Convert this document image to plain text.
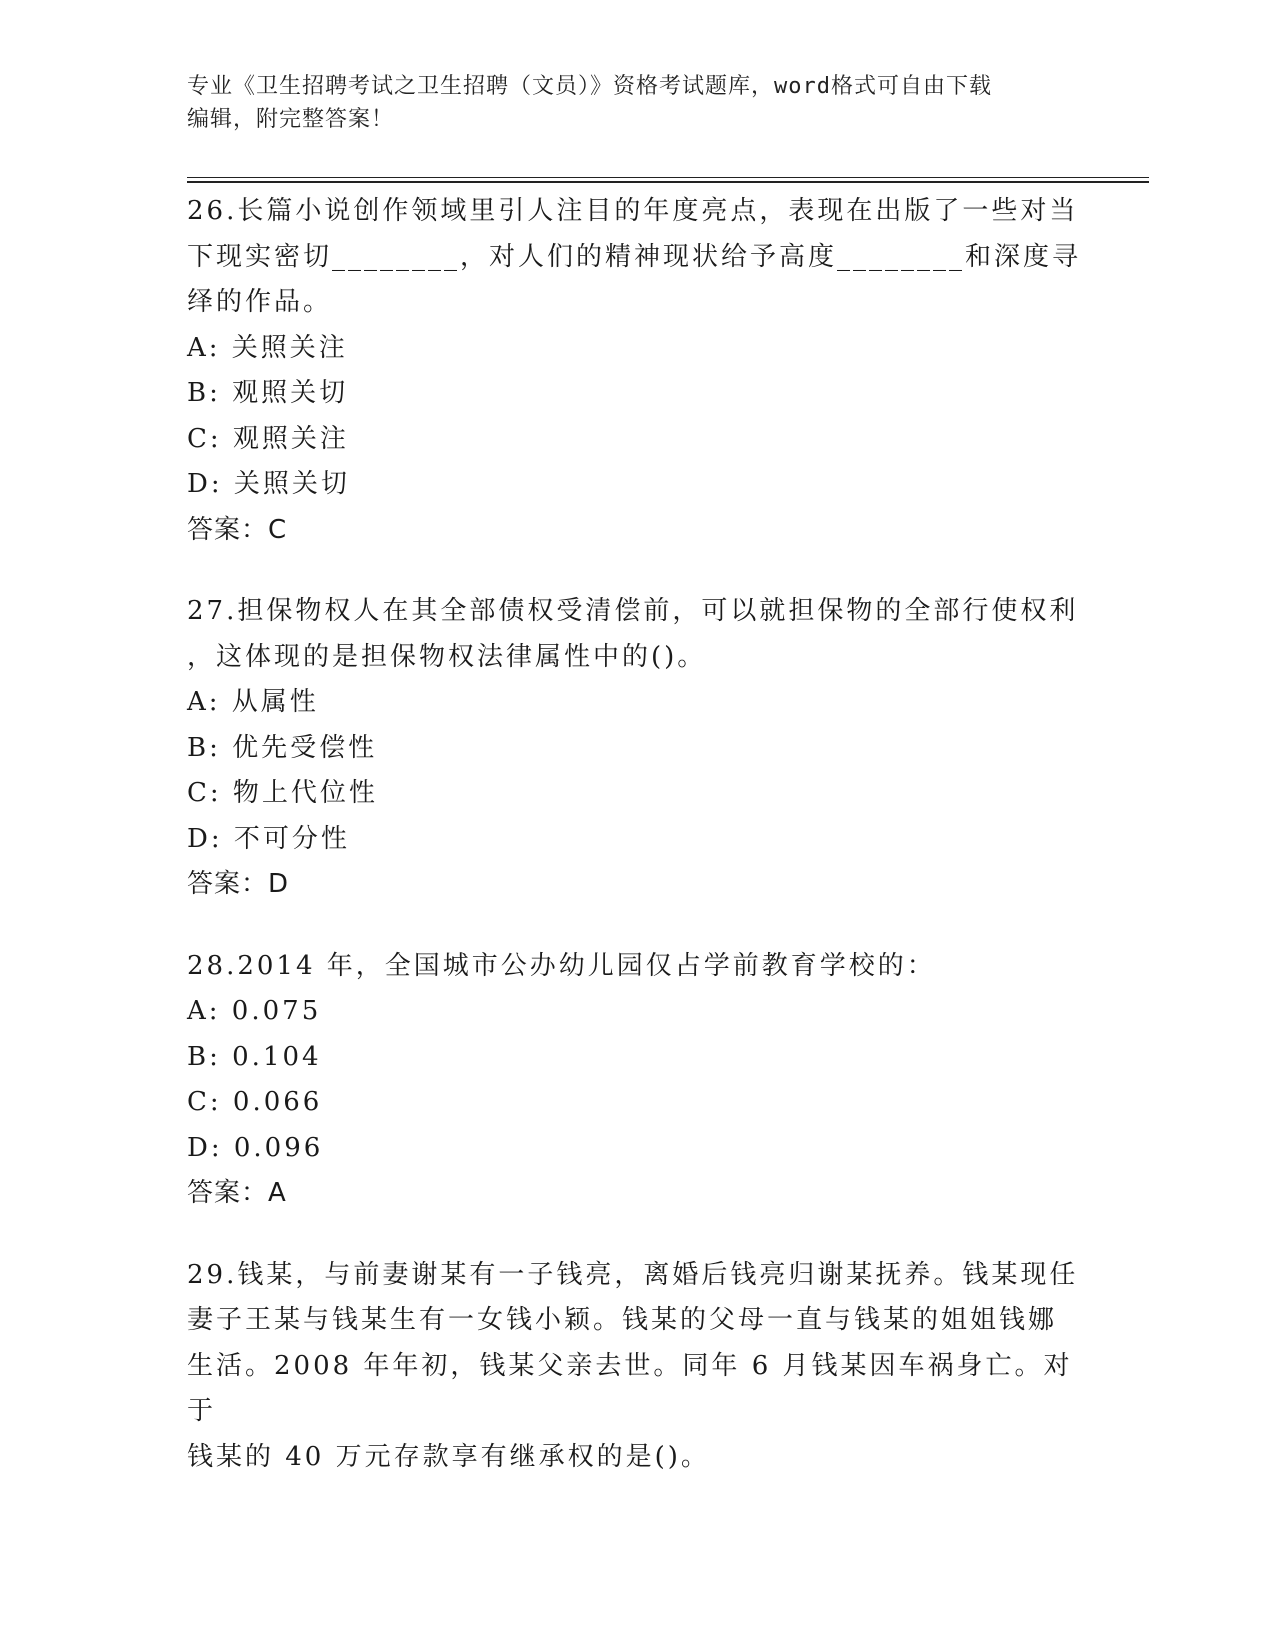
专业《卫生招聘考试之卫生招聘（文员）》资格考试题库，word格式可自由下载
编辑，附完整答案！

26.长篇小说创作领域里引人注目的年度亮点，表现在出版了一些对当

下现实密切________，对人们的精神现状给予高度________和深度寻

绎的作品。

A: 关照关注

B: 观照关切

C: 观照关注

D: 关照关切

答案：C

27.担保物权人在其全部债权受清偿前，可以就担保物的全部行使权利

，这体现的是担保物权法律属性中的()。

A: 从属性

B: 优先受偿性

C: 物上代位性

D: 不可分性

答案：D

28.2014 年，全国城市公办幼儿园仅占学前教育学校的：

A: 0.075

B: 0.104

C: 0.066

D: 0.096

答案：A

29.钱某，与前妻谢某有一子钱亮，离婚后钱亮归谢某抚养。钱某现任

妻子王某与钱某生有一女钱小颖。钱某的父母一直与钱某的姐姐钱娜

生活。2008 年年初，钱某父亲去世。同年 6 月钱某因车祸身亡。对于

钱某的 40 万元存款享有继承权的是()。
